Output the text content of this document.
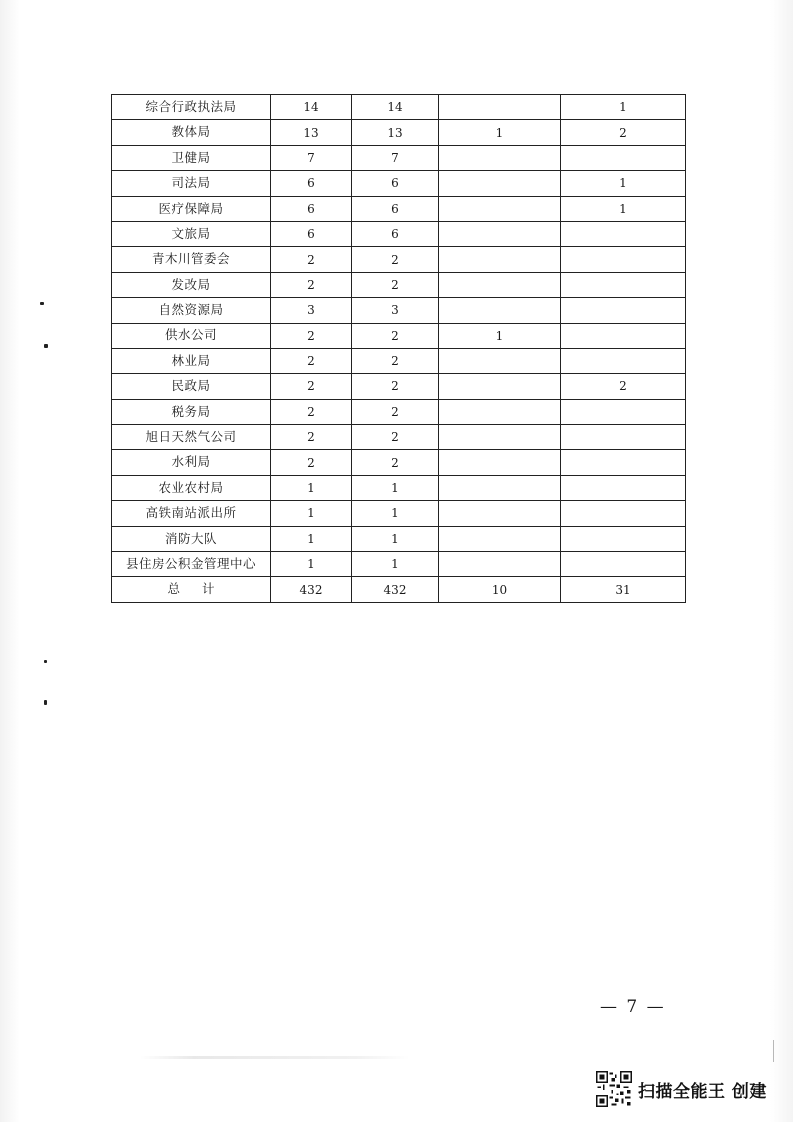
综合行政执法局	14	14		1
教体局	13	13	1	2
卫健局	7	7		
司法局	6	6		1
医疗保障局	6	6		1
文旅局	6	6		
青木川管委会	2	2		
发改局	2	2		
自然资源局	3	3		
供水公司	2	2	1	
林业局	2	2		
民政局	2	2		2
税务局	2	2		
旭日天然气公司	2	2		
水利局	2	2		
农业农村局	1	1		
高铁南站派出所	1	1		
消防大队	1	1		
县住房公积金管理中心	1	1		
总 计	432	432	10	31
— 7 —
扫描全能王 创建
